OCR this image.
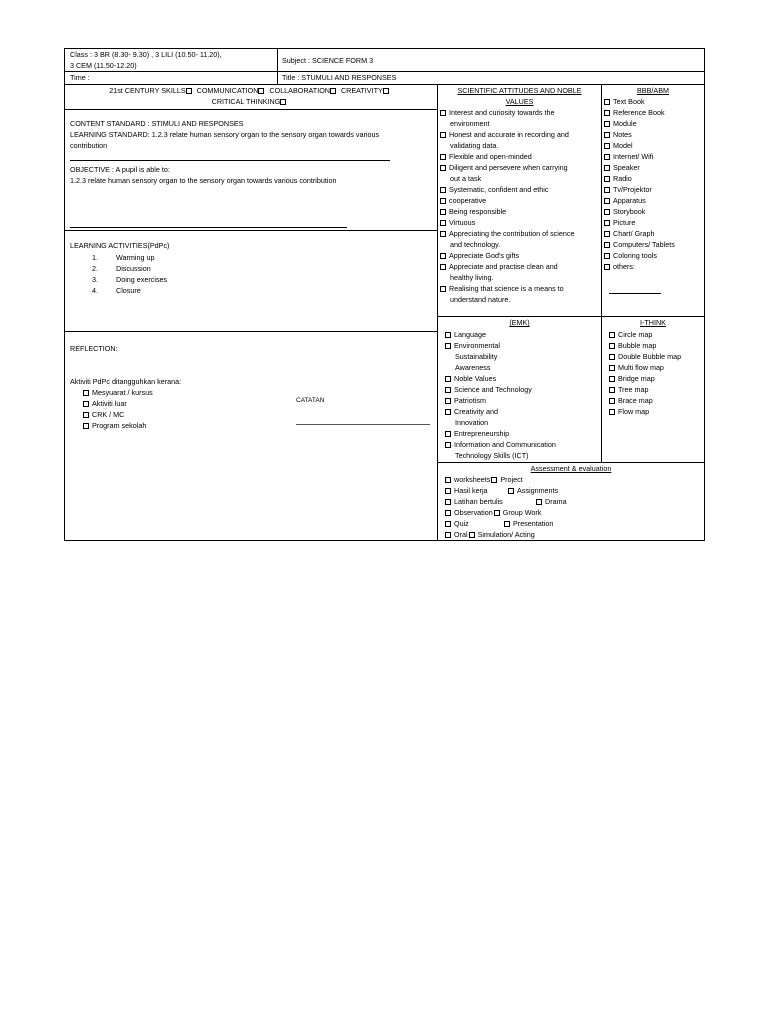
Class : 3 BR (8.30- 9.30) , 3 LILI (10.50- 11.20),
3 CEM (11.50-12.20)
Subject : SCIENCE FORM 3
Time :	Title : STUMULI AND RESPONSES
21st CENTURY SKILLS COMMUNICATION COLLABORATION CREATIVITY
CRITICAL THINKING
CONTENT STANDARD : STIMULI AND RESPONSES
LEARNING STANDARD: 1.2.3 relate human sensory organ to the sensory organ towards various
contribution
OBJECTIVE : A pupil is able to:
1.2.3 relate human sensory organ to the sensory organ towards various contribution
LEARNING ACTIVITIES(PdPc)
1.	Warming up
2.	Discussion
3.	Doing exercises
4.	Closure
REFLECTION:
Aktiviti PdPc ditangguhkan kerana:
Mesyuarat / kursus
Aktiviti luar
CRK / MC
Program sekolah
CATATAN
SCIENTIFIC ATTITUDES AND NOBLE
VALUES
Interest and curiosity towards the
environment
Honest and accurate in recording and
validating data.
Flexible and open-minded
Diligent and persevere when carrying
out a task
Systematic, confident and ethic
cooperative
Being responsible
Virtuous
Appreciating the contribution of science
and technology.
Appreciate God's gifts
Appreciate and practise clean and
healthy living.
Realising that science is a means to
understand nature.
BBB/ABM
Text Book
Reference Book
Module
Notes
Model
Internet/ Wifi
Speaker
Radio
Tv/Projektor
Apparatus
Storybook
Picture
Chart/ Graph
Computers/ Tablets
Coloring tools
others:
(EMK)
Language
Environmental
Sustainability
Awareness
Noble Values
Science and Technology
Patriotism
Creativity and
Innovation
Entrepreneurship
Information and Communication
Technology Skills (ICT)
I-THINK
Circle map
Bubble map
Double Bubble map
Multi flow map
Bridge map
Tree map
Brace map
Flow map
Assessment & evaluation
worksheets Project
Hasil kerja	Assignments
Latihan bertulis	Drama
Observation Group Work
Quiz	Presentation
Oral Simulation/ Acting
